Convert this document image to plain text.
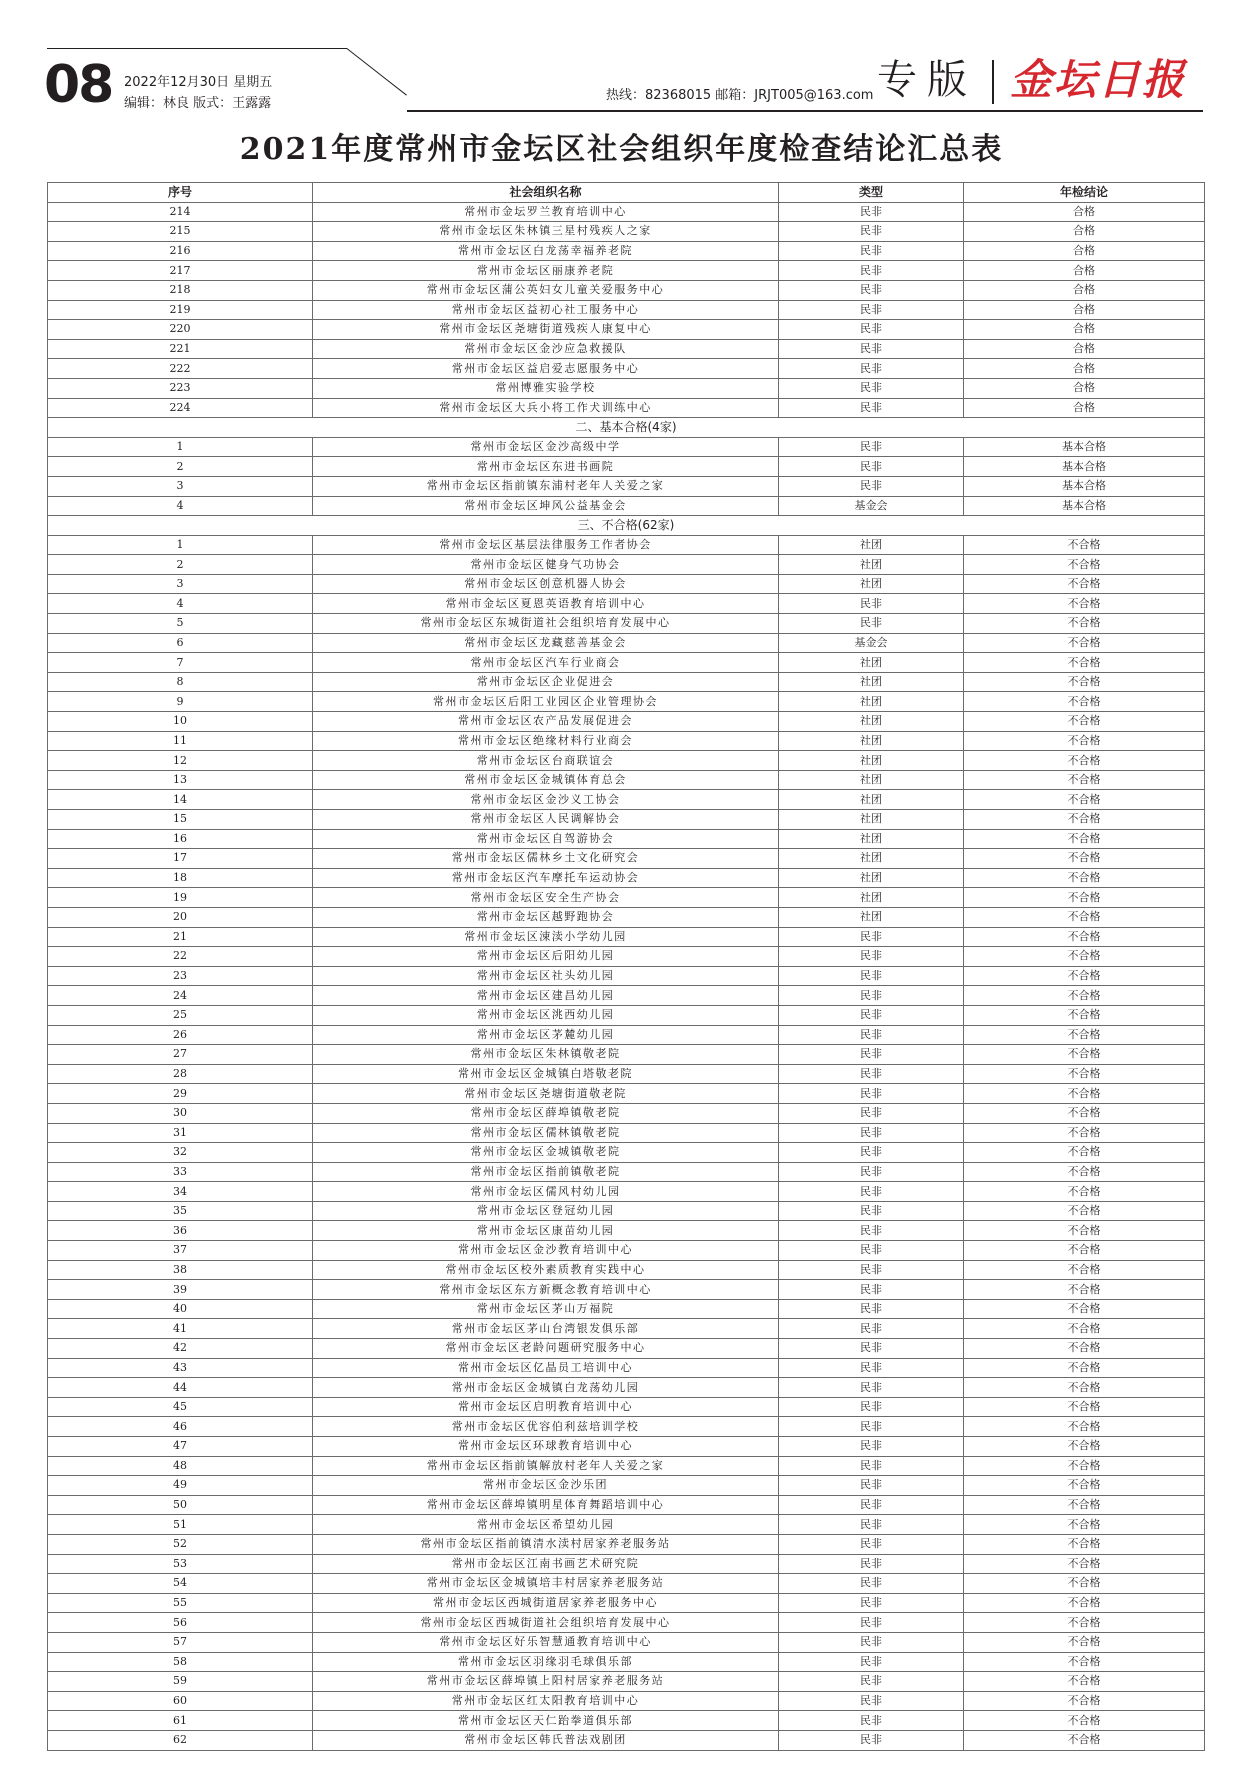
08 2022年12月30日 星期五
编辑：林良 版式：王露露
热线：82368015 邮箱：JRJT005@163.com 专版 金坛日报
2021年度常州市金坛区社会组织年度检查结论汇总表
序号	社会组织名称	类型	年检结论
214	常州市金坛罗兰教育培训中心	民非	合格
215	常州市金坛区朱林镇三星村残疾人之家	民非	合格
216	常州市金坛区白龙荡幸福养老院	民非	合格
217	常州市金坛区丽康养老院	民非	合格
218	常州市金坛区蒲公英妇女儿童关爱服务中心	民非	合格
219	常州市金坛区益初心社工服务中心	民非	合格
220	常州市金坛区尧塘街道残疾人康复中心	民非	合格
221	常州市金坛区金沙应急救援队	民非	合格
222	常州市金坛区益启爱志愿服务中心	民非	合格
223	常州博雅实验学校	民非	合格
224	常州市金坛区大兵小将工作犬训练中心	民非	合格
二、基本合格(4家)			
1	常州市金坛区金沙高级中学	民非	基本合格
2	常州市金坛区东进书画院	民非	基本合格
3	常州市金坛区指前镇东浦村老年人关爱之家	民非	基本合格
4	常州市金坛区坤风公益基金会	基金会	基本合格
三、不合格(62家)			
1	常州市金坛区基层法律服务工作者协会	社团	不合格
2	常州市金坛区健身气功协会	社团	不合格
3	常州市金坛区创意机器人协会	社团	不合格
4	常州市金坛区夏恩英语教育培训中心	民非	不合格
5	常州市金坛区东城街道社会组织培育发展中心	民非	不合格
6	常州市金坛区龙藏慈善基金会	基金会	不合格
7	常州市金坛区汽车行业商会	社团	不合格
8	常州市金坛区企业促进会	社团	不合格
9	常州市金坛区后阳工业园区企业管理协会	社团	不合格
10	常州市金坛区农产品发展促进会	社团	不合格
11	常州市金坛区绝缘材料行业商会	社团	不合格
12	常州市金坛区台商联谊会	社团	不合格
13	常州市金坛区金城镇体育总会	社团	不合格
14	常州市金坛区金沙义工协会	社团	不合格
15	常州市金坛区人民调解协会	社团	不合格
16	常州市金坛区自驾游协会	社团	不合格
17	常州市金坛区儒林乡土文化研究会	社团	不合格
18	常州市金坛区汽车摩托车运动协会	社团	不合格
19	常州市金坛区安全生产协会	社团	不合格
20	常州市金坛区越野跑协会	社团	不合格
21	常州市金坛区涑渎小学幼儿园	民非	不合格
22	常州市金坛区后阳幼儿园	民非	不合格
23	常州市金坛区社头幼儿园	民非	不合格
24	常州市金坛区建昌幼儿园	民非	不合格
25	常州市金坛区洮西幼儿园	民非	不合格
26	常州市金坛区茅麓幼儿园	民非	不合格
27	常州市金坛区朱林镇敬老院	民非	不合格
28	常州市金坛区金城镇白塔敬老院	民非	不合格
29	常州市金坛区尧塘街道敬老院	民非	不合格
30	常州市金坛区薛埠镇敬老院	民非	不合格
31	常州市金坛区儒林镇敬老院	民非	不合格
32	常州市金坛区金城镇敬老院	民非	不合格
33	常州市金坛区指前镇敬老院	民非	不合格
34	常州市金坛区儒风村幼儿园	民非	不合格
35	常州市金坛区登冠幼儿园	民非	不合格
36	常州市金坛区康苗幼儿园	民非	不合格
37	常州市金坛区金沙教育培训中心	民非	不合格
38	常州市金坛区校外素质教育实践中心	民非	不合格
39	常州市金坛区东方新概念教育培训中心	民非	不合格
40	常州市金坛区茅山万福院	民非	不合格
41	常州市金坛区茅山台湾银发俱乐部	民非	不合格
42	常州市金坛区老龄问题研究服务中心	民非	不合格
43	常州市金坛区亿晶员工培训中心	民非	不合格
44	常州市金坛区金城镇白龙荡幼儿园	民非	不合格
45	常州市金坛区启明教育培训中心	民非	不合格
46	常州市金坛区优容伯利兹培训学校	民非	不合格
47	常州市金坛区环球教育培训中心	民非	不合格
48	常州市金坛区指前镇解放村老年人关爱之家	民非	不合格
49	常州市金坛区金沙乐团	民非	不合格
50	常州市金坛区薛埠镇明星体育舞蹈培训中心	民非	不合格
51	常州市金坛区希望幼儿园	民非	不合格
52	常州市金坛区指前镇清水渎村居家养老服务站	民非	不合格
53	常州市金坛区江南书画艺术研究院	民非	不合格
54	常州市金坛区金城镇培丰村居家养老服务站	民非	不合格
55	常州市金坛区西城街道居家养老服务中心	民非	不合格
56	常州市金坛区西城街道社会组织培育发展中心	民非	不合格
57	常州市金坛区好乐智慧通教育培训中心	民非	不合格
58	常州市金坛区羽缘羽毛球俱乐部	民非	不合格
59	常州市金坛区薛埠镇上阳村居家养老服务站	民非	不合格
60	常州市金坛区红太阳教育培训中心	民非	不合格
61	常州市金坛区天仁跆拳道俱乐部	民非	不合格
62	常州市金坛区韩氏普法戏剧团	民非	不合格
